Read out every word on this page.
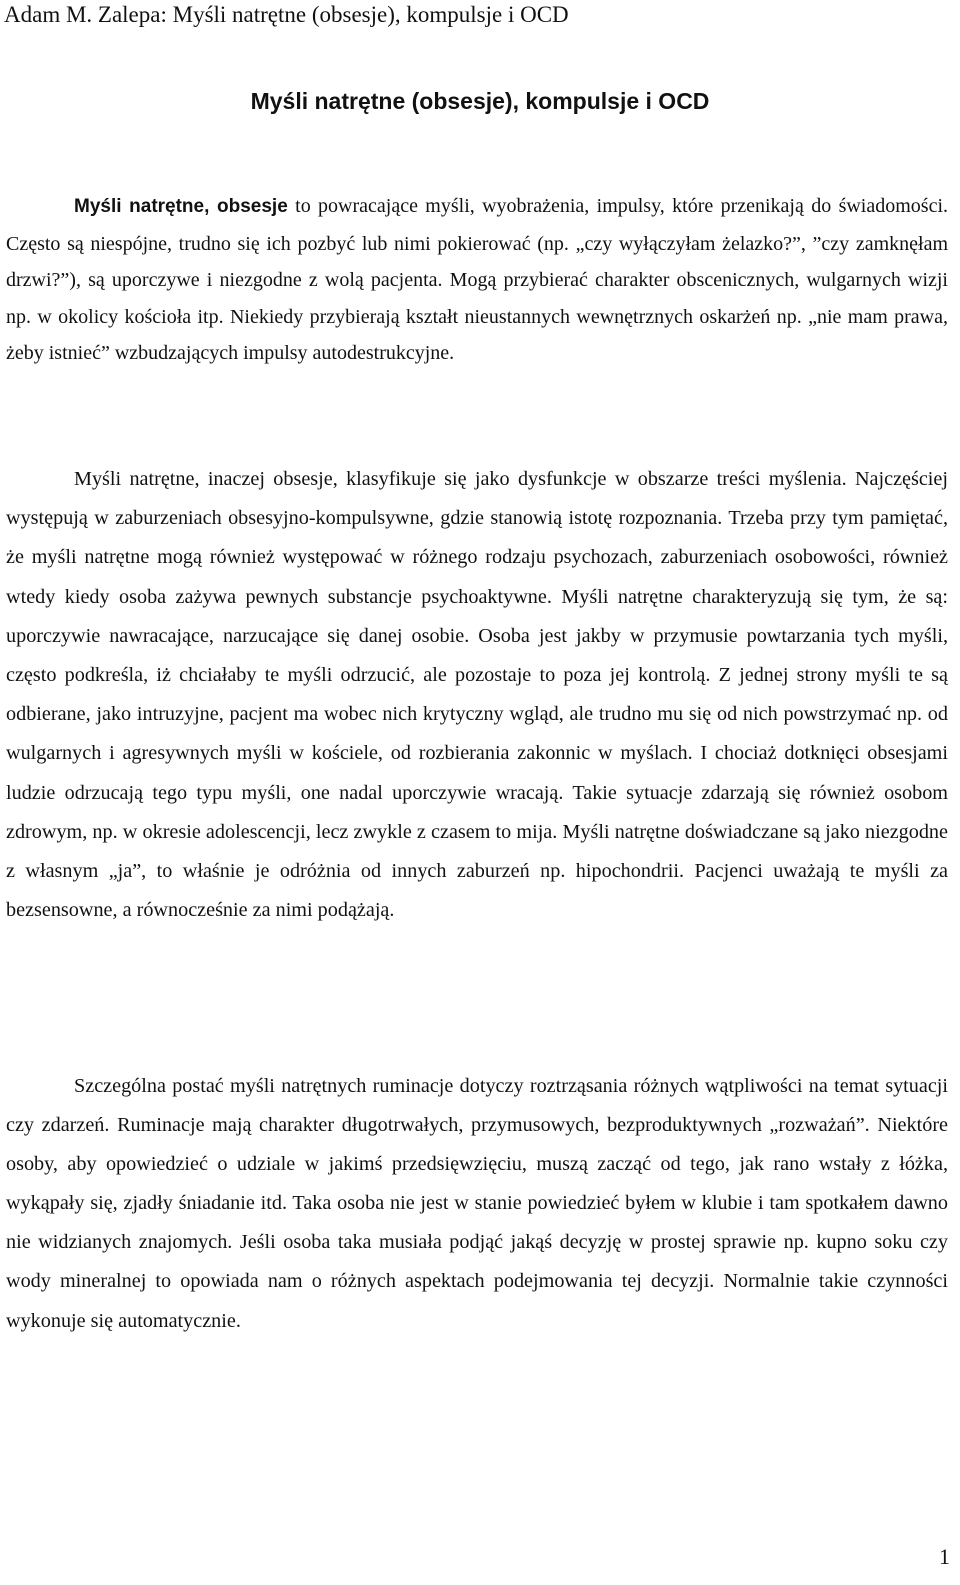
Adam M. Zalepa: Myśli natrętne (obsesje), kompulsje i OCD
Myśli natrętne (obsesje), kompulsje i OCD

Myśli natrętne, obsesje to powracające myśli, wyobrażenia, impulsy, które przenikają do świadomości. Często są niespójne, trudno się ich pozbyć lub nimi pokierować (np. „czy wyłączyłam żelazko?”, ”czy zamknęłam drzwi?”), są uporczywe i niezgodne z wolą pacjenta. Mogą przybierać charakter obscenicznych, wulgarnych wizji np. w okolicy kościoła itp. Niekiedy przybierają kształt nieustannych wewnętrznych oskarżeń np. „nie mam prawa, żeby istnieć” wzbudzających impulsy autodestrukcyjne.

Myśli natrętne, inaczej obsesje, klasyfikuje się jako dysfunkcje w obszarze treści myślenia. Najczęściej występują w zaburzeniach obsesyjno-kompulsywne, gdzie stanowią istotę rozpoznania. Trzeba przy tym pamiętać, że myśli natrętne mogą również występować w różnego rodzaju psychozach, zaburzeniach osobowości, również wtedy kiedy osoba zażywa pewnych substancje psychoaktywne. Myśli natrętne charakteryzują się tym, że są: uporczywie nawracające, narzucające się danej osobie. Osoba jest jakby w przymusie powtarzania tych myśli, często podkreśla, iż chciałaby te myśli odrzucić, ale pozostaje to poza jej kontrolą. Z jednej strony myśli te są odbierane, jako intruzyjne, pacjent ma wobec nich krytyczny wgląd, ale trudno mu się od nich powstrzymać np. od wulgarnych i agresywnych myśli w kościele, od rozbierania zakonnic w myślach. I chociaż dotknięci obsesjami ludzie odrzucają tego typu myśli, one nadal uporczywie wracają. Takie sytuacje zdarzają się również osobom zdrowym, np. w okresie adolescencji, lecz zwykle z czasem to mija. Myśli natrętne doświadczane są jako niezgodne z własnym „ja”, to właśnie je odróżnia od innych zaburzeń np. hipochondrii. Pacjenci uważają te myśli za bezsensowne, a równocześnie za nimi podążają.

Szczególna postać myśli natrętnych ruminacje dotyczy roztrząsania różnych wątpliwości na temat sytuacji czy zdarzeń. Ruminacje mają charakter długotrwałych, przymusowych, bezproduktywnych „rozważań”. Niektóre osoby, aby opowiedzieć o udziale w jakimś przedsięwzięciu, muszą zacząć od tego, jak rano wstały z łóżka, wykąpały się, zjadły śniadanie itd. Taka osoba nie jest w stanie powiedzieć byłem w klubie i tam spotkałem dawno nie widzianych znajomych. Jeśli osoba taka musiała podjąć jakąś decyzję w prostej sprawie np. kupno soku czy wody mineralnej to opowiada nam o różnych aspektach podejmowania tej decyzji. Normalnie takie czynności wykonuje się automatycznie.

1
